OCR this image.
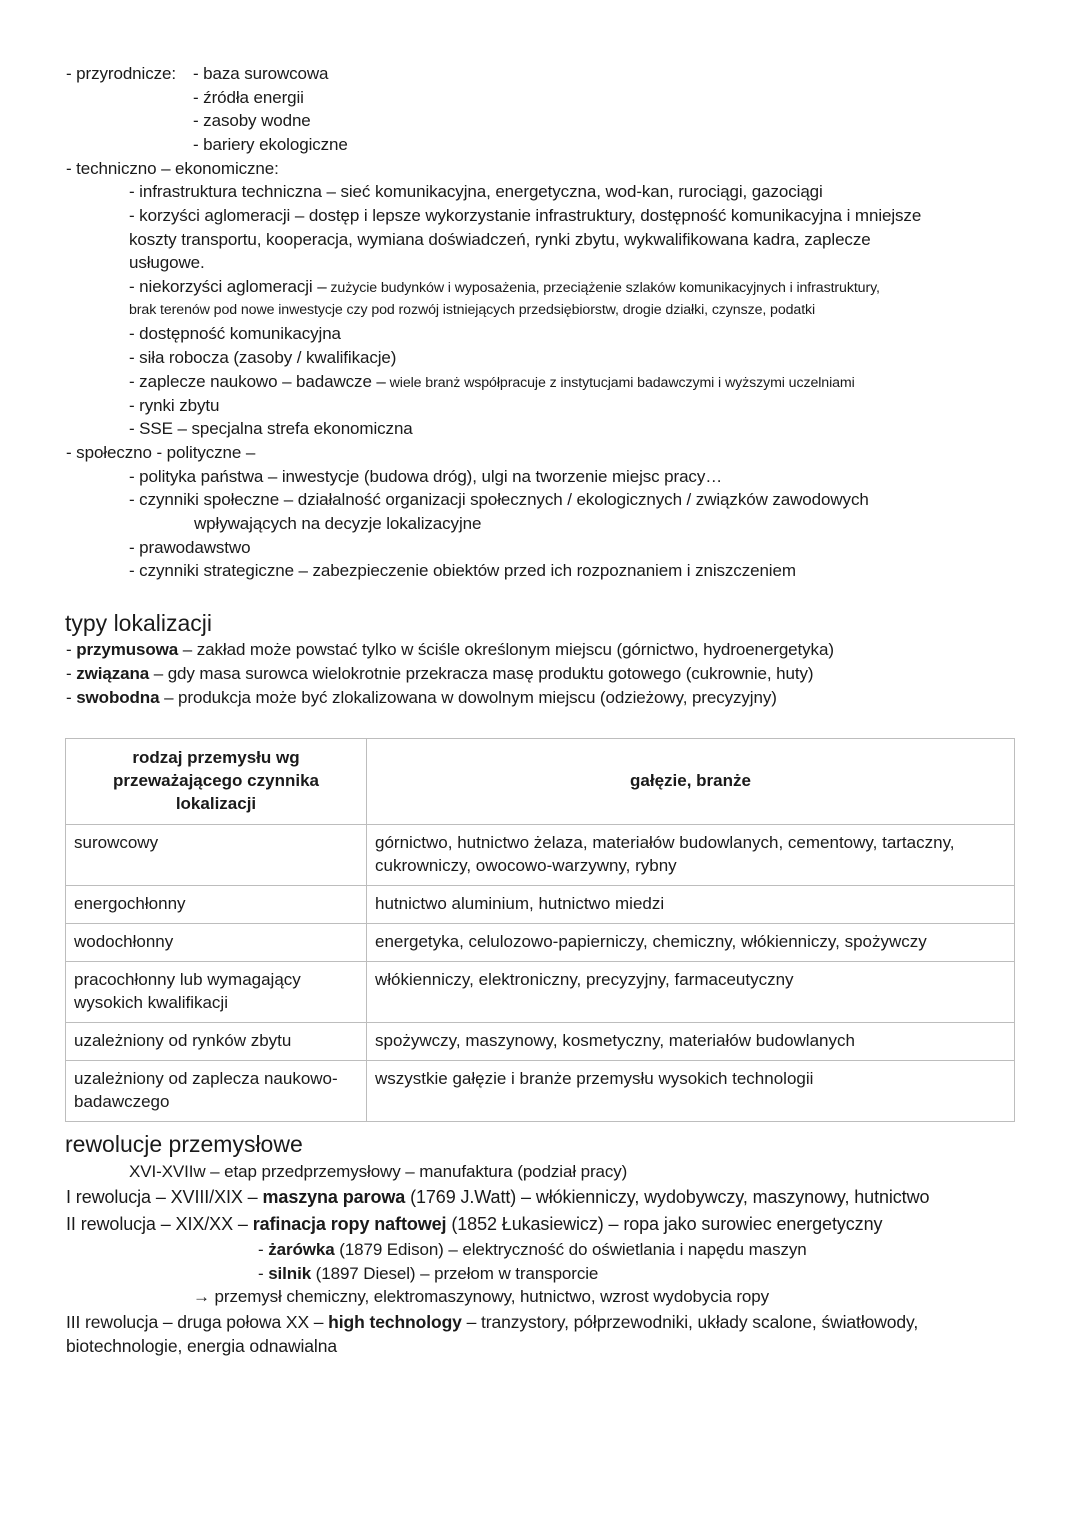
- przyrodnicze: - baza surowcowa
- źródła energii
- zasoby wodne
- bariery ekologiczne
- techniczno – ekonomiczne:
- infrastruktura techniczna – sieć komunikacyjna, energetyczna, wod-kan, rurociągi, gazociągi
- korzyści aglomeracji – dostęp i lepsze wykorzystanie infrastruktury, dostępność komunikacyjna i mniejsze
koszty transportu, kooperacja, wymiana doświadczeń, rynki zbytu, wykwalifikowana kadra, zaplecze
usługowe.
- niekorzyści aglomeracji – zużycie budynków i wyposażenia, przeciążenie szlaków komunikacyjnych i infrastruktury,
brak terenów pod nowe inwestycje czy pod rozwój istniejących przedsiębiorstw, drogie działki, czynsze, podatki
- dostępność komunikacyjna
- siła robocza (zasoby / kwalifikacje)
- zaplecze naukowo – badawcze – wiele branż współpracuje z instytucjami badawczymi i wyższymi uczelniami
- rynki zbytu
- SSE – specjalna strefa ekonomiczna
- społeczno - polityczne –
- polityka państwa – inwestycje (budowa dróg), ulgi na tworzenie miejsc pracy…
- czynniki społeczne – działalność organizacji społecznych / ekologicznych / związków zawodowych
wpływających na decyzje lokalizacyjne
- prawodawstwo
- czynniki strategiczne – zabezpieczenie obiektów przed ich rozpoznaniem i zniszczeniem
typy lokalizacji
- przymusowa – zakład może powstać tylko w ściśle określonym miejscu (górnictwo, hydroenergetyka)
- związana – gdy masa surowca wielokrotnie przekracza masę produktu gotowego (cukrownie, huty)
- swobodna – produkcja może być zlokalizowana w dowolnym miejscu (odzieżowy, precyzyjny)
rodzaj przemysłu wg przeważającego czynnika lokalizacji	gałęzie, branże
surowcowy	górnictwo, hutnictwo żelaza, materiałów budowlanych, cementowy, tartaczny, cukrowniczy, owocowo-warzywny, rybny
energochłonny	hutnictwo aluminium, hutnictwo miedzi
wodochłonny	energetyka, celulozowo-papierniczy, chemiczny, włókienniczy, spożywczy
pracochłonny lub wymagający wysokich kwalifikacji	włókienniczy, elektroniczny, precyzyjny, farmaceutyczny
uzależniony od rynków zbytu	spożywczy, maszynowy, kosmetyczny, materiałów budowlanych
uzależniony od zaplecza naukowo-badawczego	wszystkie gałęzie i branże przemysłu wysokich technologii
rewolucje przemysłowe
XVI-XVIIw – etap przedprzemysłowy – manufaktura (podział pracy)
I rewolucja – XVIII/XIX – maszyna parowa (1769 J.Watt) – włókienniczy, wydobywczy, maszynowy, hutnictwo
II rewolucja – XIX/XX – rafinacja ropy naftowej (1852 Łukasiewicz) – ropa jako surowiec energetyczny
- żarówka (1879 Edison) – elektryczność do oświetlania i napędu maszyn
- silnik (1897 Diesel) – przełom w transporcie
→ przemysł chemiczny, elektromaszynowy, hutnictwo, wzrost wydobycia ropy
III rewolucja – druga połowa XX – high technology – tranzystory, półprzewodniki, układy scalone, światłowody,
biotechnologie, energia odnawialna
